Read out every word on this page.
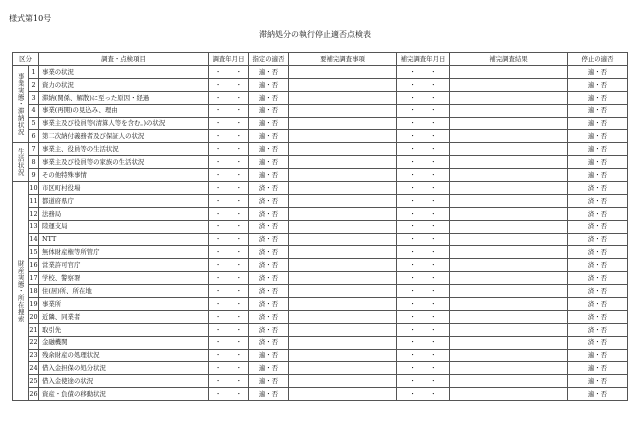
様式第10号
滞納処分の執行停止適否点検表
区分		調査・点検項目	調査年月日	指定の適否	要補完調査事項	補完調査年月日	補完調査結果	停止の適否
事業実態・滞納状況	1	事業の状況	・　・	適・否		・　・		適・否
	2	資力の状況	・　・	適・否		・　・		適・否
	3	滞納(関係、解散)に至った原因・経過	・　・	適・否		・　・		適・否
	4	事業(再開)の見込み、理由	・　・	適・否		・　・		適・否
	5	事業主及び役員等(清算人等を含む。)の状況	・　・	適・否		・　・		適・否
	6	第二次納付義務者及び保証人の状況	・　・	適・否		・　・		適・否
生活状況	7	事業主、役員等の生活状況	・　・	適・否		・　・		適・否
	8	事業主及び役員等の家族の生活状況	・　・	適・否		・　・		適・否
	9	その他特殊事情	・　・	適・否		・　・		適・否
財産実態・所在捜索	10	市区町村役場	・　・	済・否		・　・		済・否
	11	都道府県庁	・　・	済・否		・　・		済・否
	12	法務局	・　・	済・否		・　・		済・否
	13	陸運支局	・　・	済・否		・　・		済・否
	14	NTT	・　・	済・否		・　・		済・否
	15	無体財産権等所管庁	・　・	済・否		・　・		済・否
	16	営業許可官庁	・　・	済・否		・　・		済・否
	17	学校、警察署	・　・	済・否		・　・		済・否
	18	住(居)所、所在地	・　・	済・否		・　・		済・否
	19	事業所	・　・	済・否		・　・		済・否
	20	近隣、同業者	・　・	済・否		・　・		済・否
	21	取引先	・　・	済・否		・　・		済・否
	22	金融機関	・　・	済・否		・　・		済・否
	23	残余財産の処理状況	・　・	適・否		・　・		適・否
	24	借入金担保の処分状況	・　・	適・否		・　・		適・否
	25	借入金使途の状況	・　・	適・否		・　・		適・否
	26	資産・負債の移動状況	・　・	適・否		・　・		適・否
